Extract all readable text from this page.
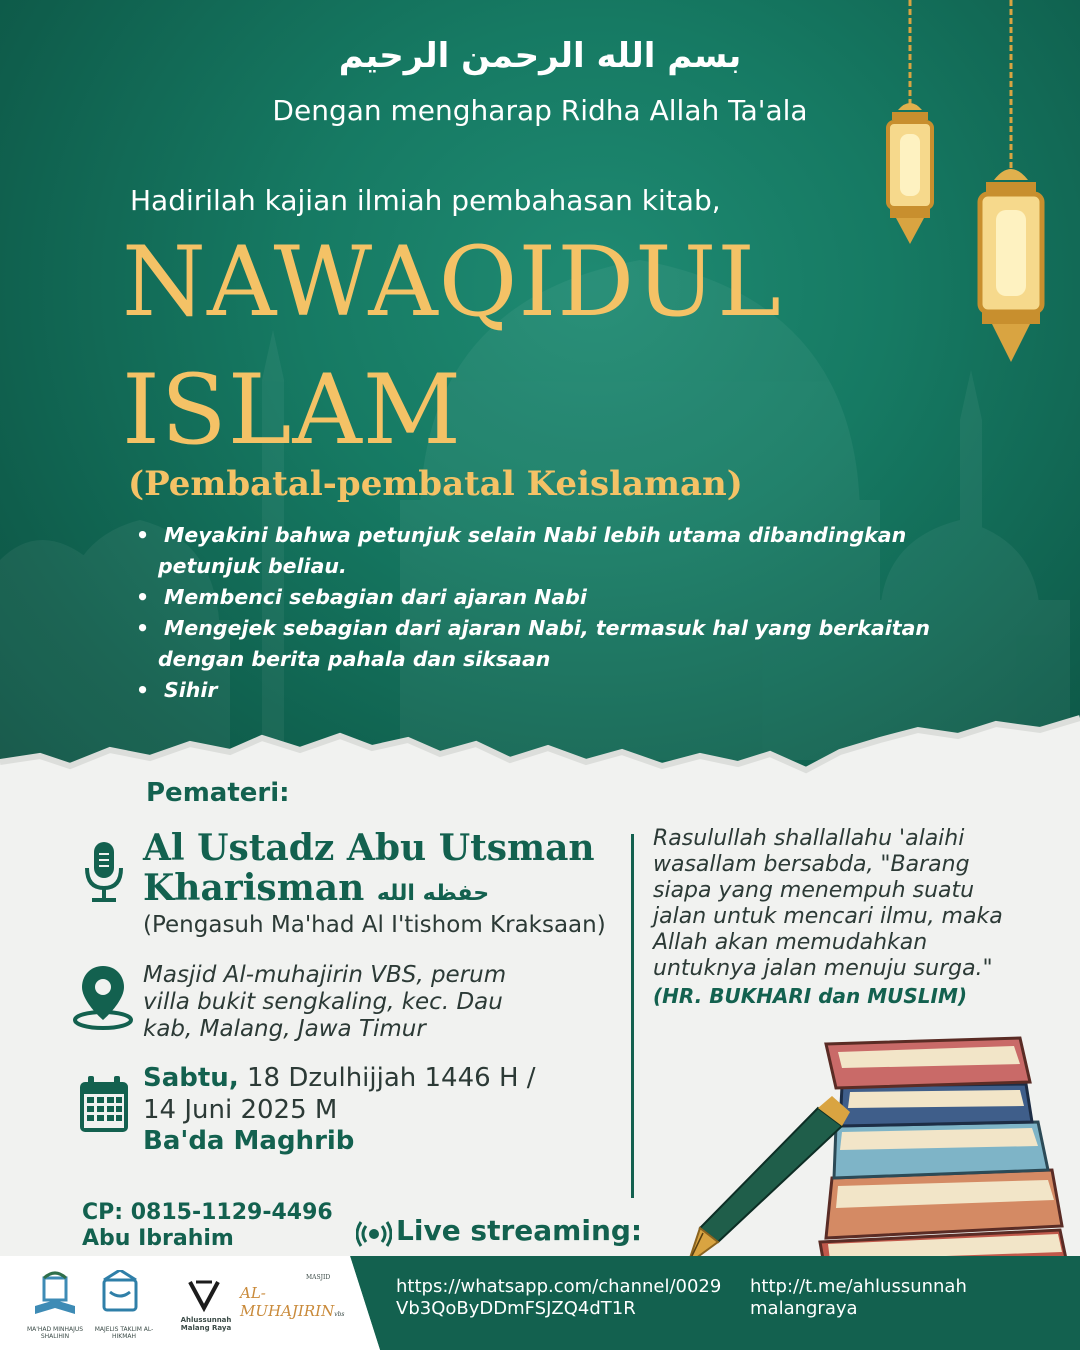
بسم الله الرحمن الرحيم
Dengan mengharap Ridha Allah Ta'ala
Hadirilah kajian ilmiah pembahasan kitab,
NAWAQIDUL
ISLAM
(Pembatal-pembatal Keislaman)
• Meyakini bahwa petunjuk selain Nabi lebih utama dibandingkan
petunjuk beliau.
• Membenci sebagian dari ajaran Nabi
• Mengejek sebagian dari ajaran Nabi, termasuk hal yang berkaitan
dengan berita pahala dan siksaan
• Sihir
Pemateri:
Al Ustadz Abu Utsman
Kharisman حفظه الله
(Pengasuh Ma'had Al I'tishom Kraksaan)
Masjid Al-muhajirin VBS, perum
villa bukit sengkaling, kec. Dau
kab, Malang, Jawa Timur
Sabtu, 18 Dzulhijjah 1446 H /
14 Juni 2025 M
Ba'da Maghrib
Rasulullah shallallahu 'alaihi
wasallam bersabda, "Barang
siapa yang menempuh suatu
jalan untuk mencari ilmu, maka
Allah akan memudahkan
untuknya jalan menuju surga."
(HR. BUKHARI dan MUSLIM)
CP: 0815-1129-4496
Abu Ibrahim	Live streaming:
https://whatsapp.com/channel/0029
Vb3QoByDDmFSJZQ4dT1R
http://t.me/ahlussunnah
malangraya
MA'HAD MINHAJUS SHALIHIN
MAJELIS TAKLIM AL-HIKMAH
Ahlussunnah
Malang Raya
MASJID
AL-MUHAJIRINvbs
